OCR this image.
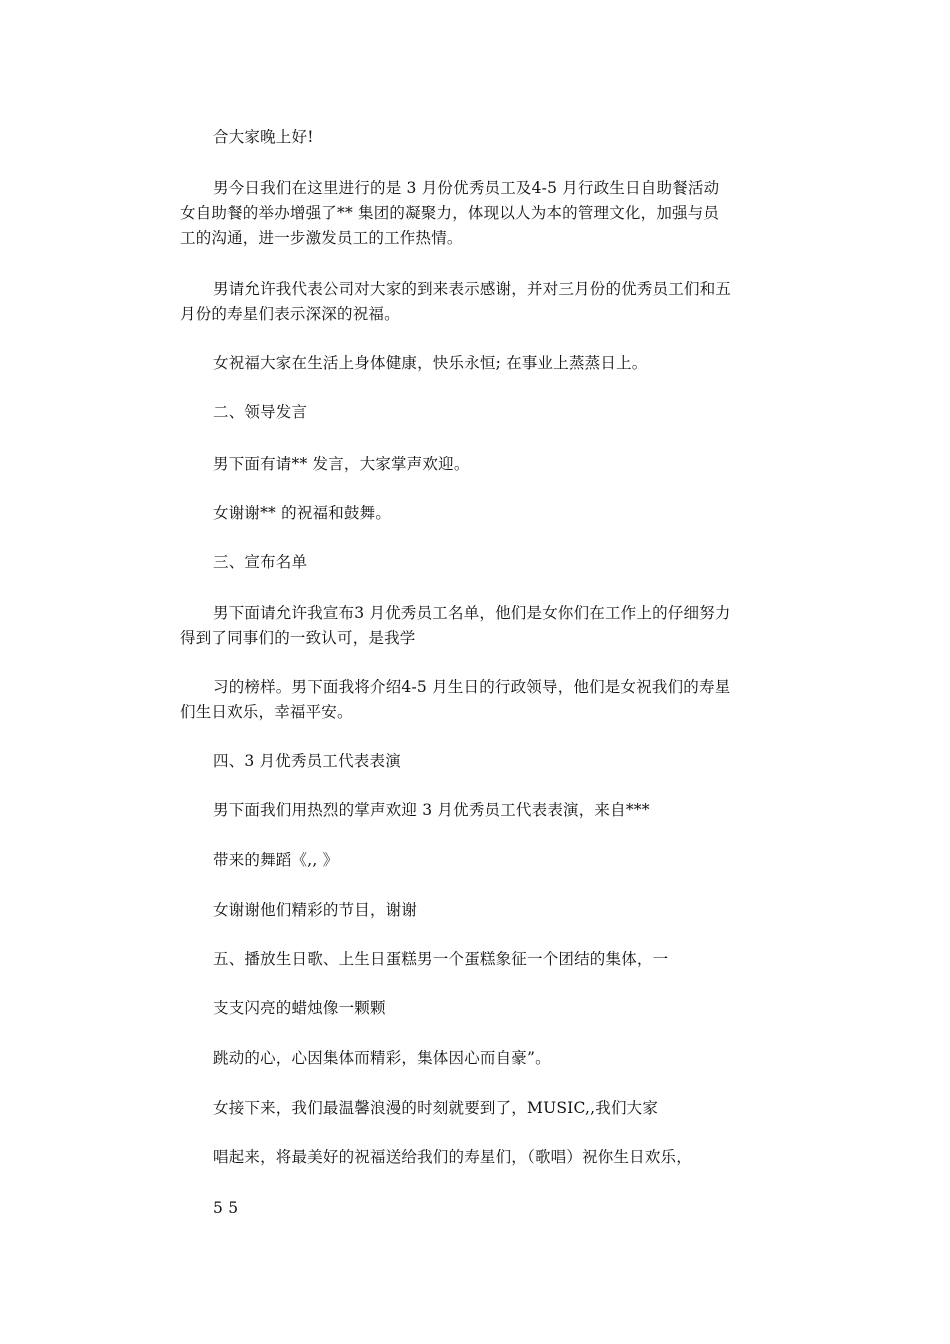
合大家晚上好!
男今日我们在这里进行的是 3 月份优秀员工及4-5 月行政生日自助餐活动
女自助餐的举办增强了** 集团的凝聚力，体现以人为本的管理文化，加强与员
工的沟通，进一步激发员工的工作热情。
男请允许我代表公司对大家的到来表示感谢，并对三月份的优秀员工们和五
月份的寿星们表示深深的祝福。
女祝福大家在生活上身体健康，快乐永恒; 在事业上蒸蒸日上。
二、领导发言
男下面有请** 发言，大家掌声欢迎。
女谢谢** 的祝福和鼓舞。
三、宣布名单
男下面请允许我宣布3 月优秀员工名单，他们是女你们在工作上的仔细努力
得到了同事们的一致认可，是我学
习的榜样。男下面我将介绍4-5 月生日的行政领导，他们是女祝我们的寿星
们生日欢乐，幸福平安。
四、3 月优秀员工代表表演
男下面我们用热烈的掌声欢迎 3 月优秀员工代表表演，来自***
带来的舞蹈《,, 》
女谢谢他们精彩的节目，谢谢
五、播放生日歌、上生日蛋糕男一个蛋糕象征一个团结的集体，一
支支闪亮的蜡烛像一颗颗
跳动的心，心因集体而精彩，集体因心而自豪”。
女接下来，我们最温馨浪漫的时刻就要到了，MUSIC,,我们大家
唱起来，将最美好的祝福送给我们的寿星们，（歌唱）祝你生日欢乐，
5 5
